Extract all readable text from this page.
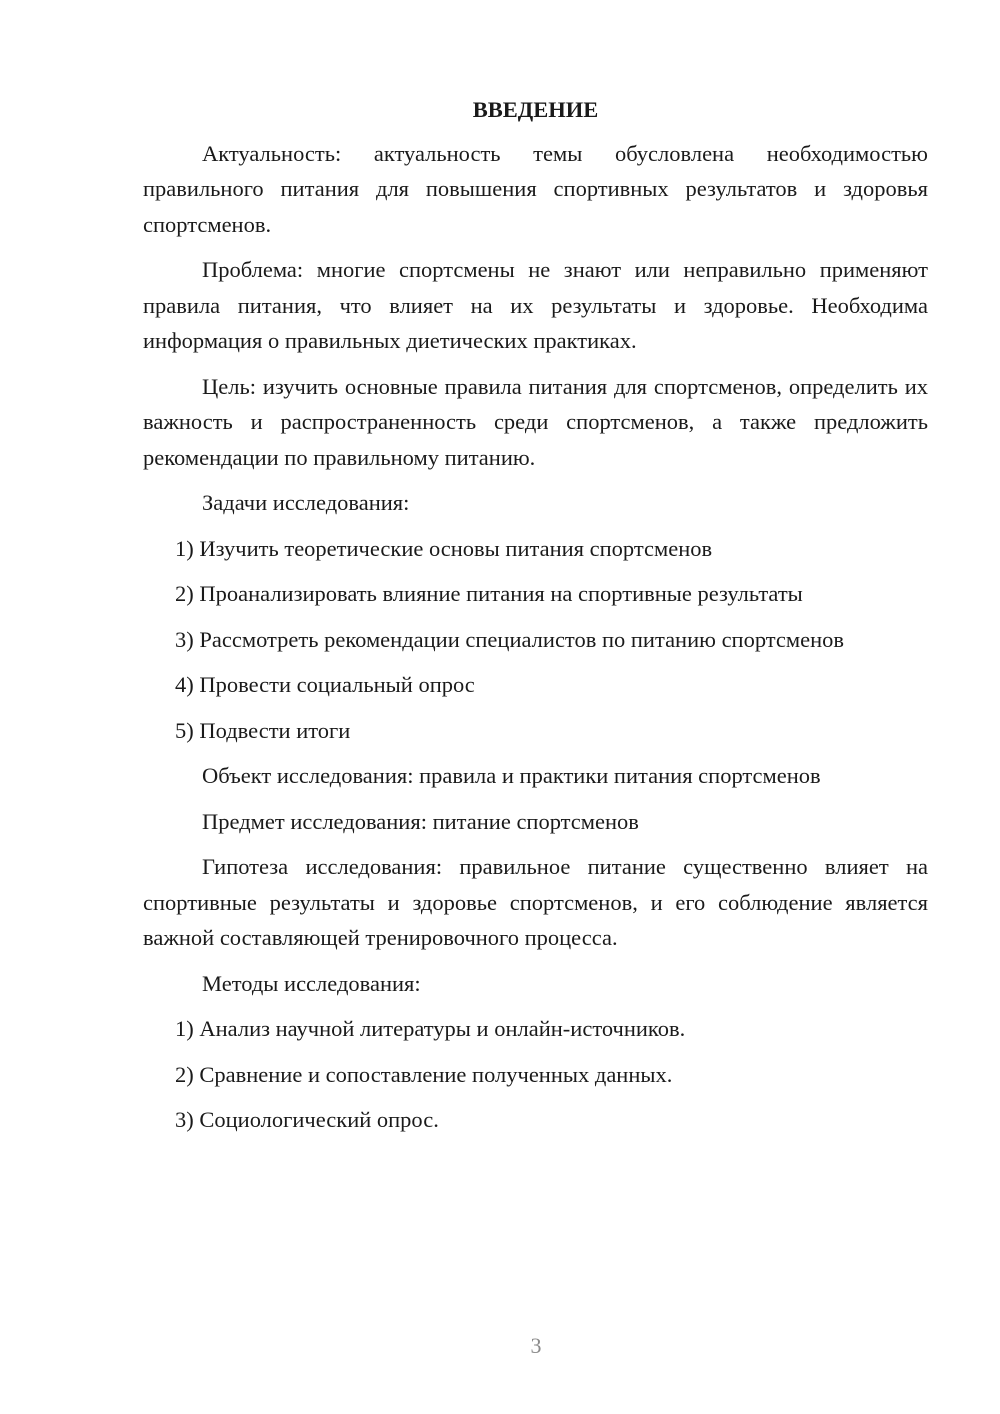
ВВЕДЕНИЕ
Актуальность: актуальность темы обусловлена необходимостью правильного питания для повышения спортивных результатов и здоровья спортсменов.
Проблема: многие спортсмены не знают или неправильно применяют правила питания, что влияет на их результаты и здоровье. Необходима информация о правильных диетических практиках.
Цель: изучить основные правила питания для спортсменов, определить их важность и распространенность среди спортсменов, а также предложить рекомендации по правильному питанию.
Задачи исследования:
1) Изучить теоретические основы питания спортсменов
2) Проанализировать влияние питания на спортивные результаты
3) Рассмотреть рекомендации специалистов по питанию спортсменов
4) Провести социальный опрос
5) Подвести итоги
Объект исследования: правила и практики питания спортсменов
Предмет исследования: питание спортсменов
Гипотеза исследования: правильное питание существенно влияет на спортивные результаты и здоровье спортсменов, и его соблюдение является важной составляющей тренировочного процесса.
Методы исследования:
1) Анализ научной литературы и онлайн-источников.
2) Сравнение и сопоставление полученных данных.
3) Социологический опрос.
3
